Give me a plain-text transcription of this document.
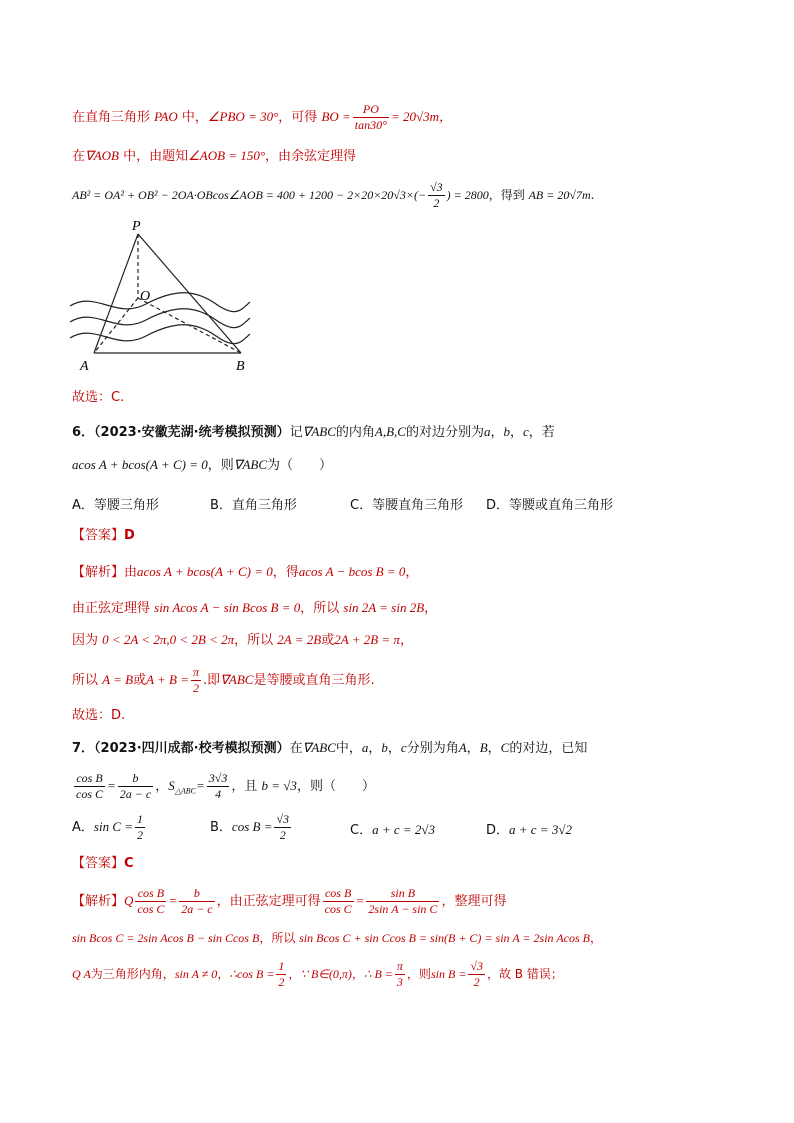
在直角三角形 PAO 中，∠PBO = 30°，可得 BO = $\frac{PO}{\tan 30^\circ} = 20√3m$，
在∇AOB 中，由题知∠AOB = 150°，由余弦定理得
AB² = OA² + OB² − 2OA·OBcos∠AOB = $400 + 1200 - 2\times 20\times 20√3\times(- \frac{√3}{2}$ ) = 2800，得到 AB = 20√7m.
P
O
A	B
故选：C.
6．（2023·安徽芜湖·统考模拟预测）记∇ABC的内角A,B,C的对边分别为a，b，c，若
acos A + bcos(A + C) = 0，则∇ABC为（　　）
A．等腰三角形	B．直角三角形	C．等腰直角三角形 D．等腰或直角三角形
【答案】D
【解析】由acos A + bcos(A + C) = 0，得acos A − bcos B = 0，
由正弦定理得 sin Acos A − sin Bcos B = 0，所以 sin 2A = sin 2B，
因为 0 < 2A < 2π,0 < 2B < 2π，所以 2A = 2B或2A + 2B = π，
所以 A = B或$A + B = \frac{\pi}{2}$ .即∇ABC是等腰或直角三角形.
故选：D.
7．（2023·四川成都·校考模拟预测）在∇ABC中，a，b，c分别为角A，B，C的对边，已知
$\frac{\text{cos B}}{\text{cos C}} = \frac{b}{2a - c}$ ，$S_{\triangle ABC}= \frac{3√3}{4}$ ，且 b = √3，则（　　）
A．$\sin C = \frac{1}{2}$	B．$\cos B = \frac{√3}{2}$	C．a + c = 2√3	D．a + c = 3√2
【答案】C
【解析】Q $\frac{\text{cos B}}{\text{cos C}} = \frac{b}{2a - c}$ ，由正弦定理可得 $\frac{\text{cos B}}{\text{cos C}} = \frac{\text{sin B}}{\text{2sin A − sin C}}$ ，整理可得
sin Bcos C = 2sin Acos B − sin Ccos B，所以 sin Bcos C + sin Ccos B = sin(B + C) = sin A = 2sin Acos B，
Q A为三角形内角，sin A ≠ 0，∴cos $B = \frac{1}{2}$ ，∵ B∈(0,π)，∴ $B = \frac{\pi}{3}$ ，则$\sin B = \frac{√3}{2}$ ，故 B 错误；
